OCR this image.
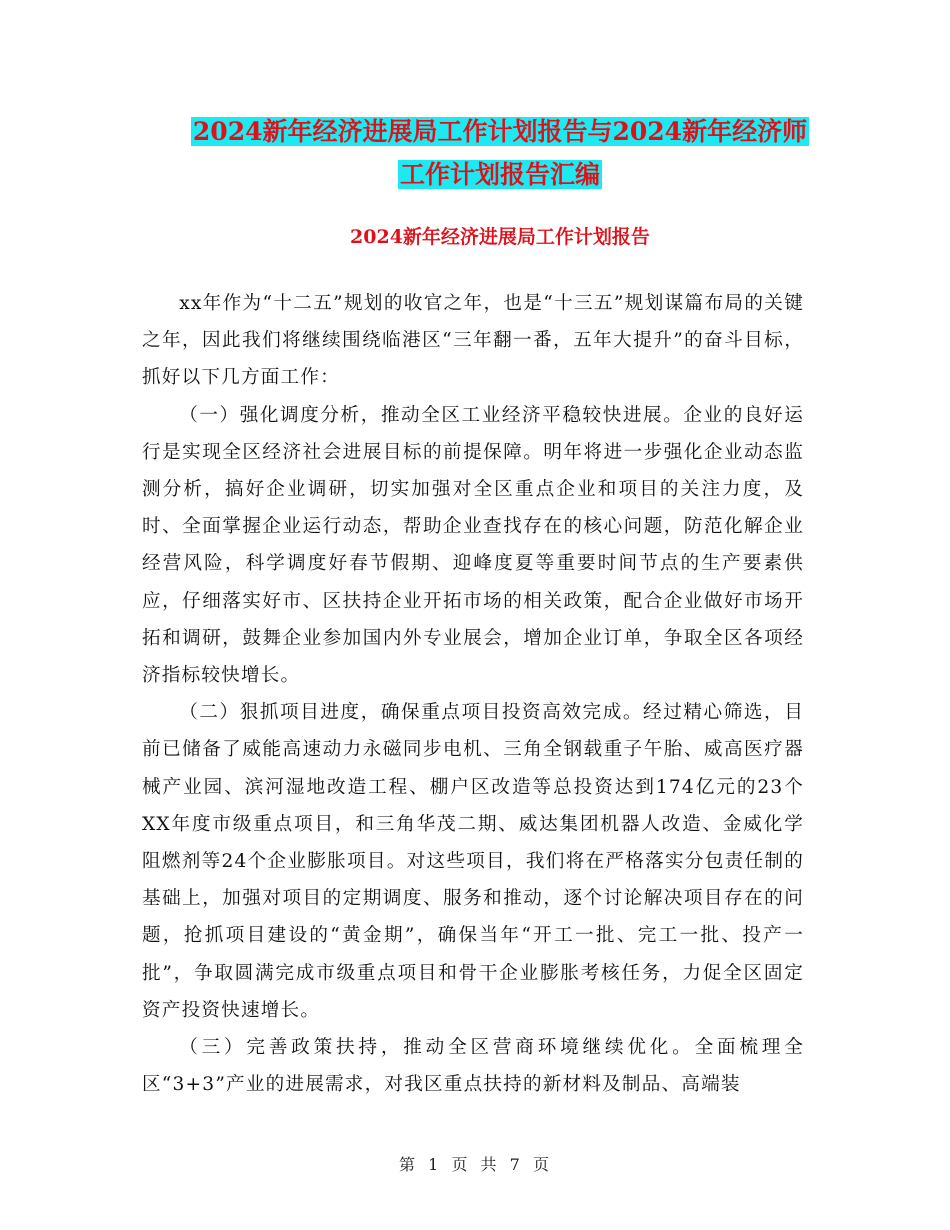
2024新年经济进展局工作计划报告与2024新年经济师
工作计划报告汇编
2024新年经济进展局工作计划报告

xx年作为“十二五”规划的收官之年，也是“十三五”规划谋篇布局的关键之年，因此我们将继续围绕临港区“三年翻一番，五年大提升”的奋斗目标，抓好以下几方面工作：

（一）强化调度分析，推动全区工业经济平稳较快进展。企业的良好运行是实现全区经济社会进展目标的前提保障。明年将进一步强化企业动态监测分析，搞好企业调研，切实加强对全区重点企业和项目的关注力度，及时、全面掌握企业运行动态，帮助企业查找存在的核心问题，防范化解企业经营风险，科学调度好春节假期、迎峰度夏等重要时间节点的生产要素供应，仔细落实好市、区扶持企业开拓市场的相关政策，配合企业做好市场开拓和调研，鼓舞企业参加国内外专业展会，增加企业订单，争取全区各项经济指标较快增长。

（二）狠抓项目进度，确保重点项目投资高效完成。经过精心筛选，目前已储备了威能高速动力永磁同步电机、三角全钢载重子午胎、威高医疗器械产业园、滨河湿地改造工程、棚户区改造等总投资达到174亿元的23个XX年度市级重点项目，和三角华茂二期、威达集团机器人改造、金威化学阻燃剂等24个企业膨胀项目。对这些项目，我们将在严格落实分包责任制的基础上，加强对项目的定期调度、服务和推动，逐个讨论解决项目存在的问题，抢抓项目建设的“黄金期”，确保当年“开工一批、完工一批、投产一批”，争取圆满完成市级重点项目和骨干企业膨胀考核任务，力促全区固定资产投资快速增长。

（三）完善政策扶持，推动全区营商环境继续优化。全面梳理全区“3+3”产业的进展需求，对我区重点扶持的新材料及制品、高端装

第 1 页 共 7 页
